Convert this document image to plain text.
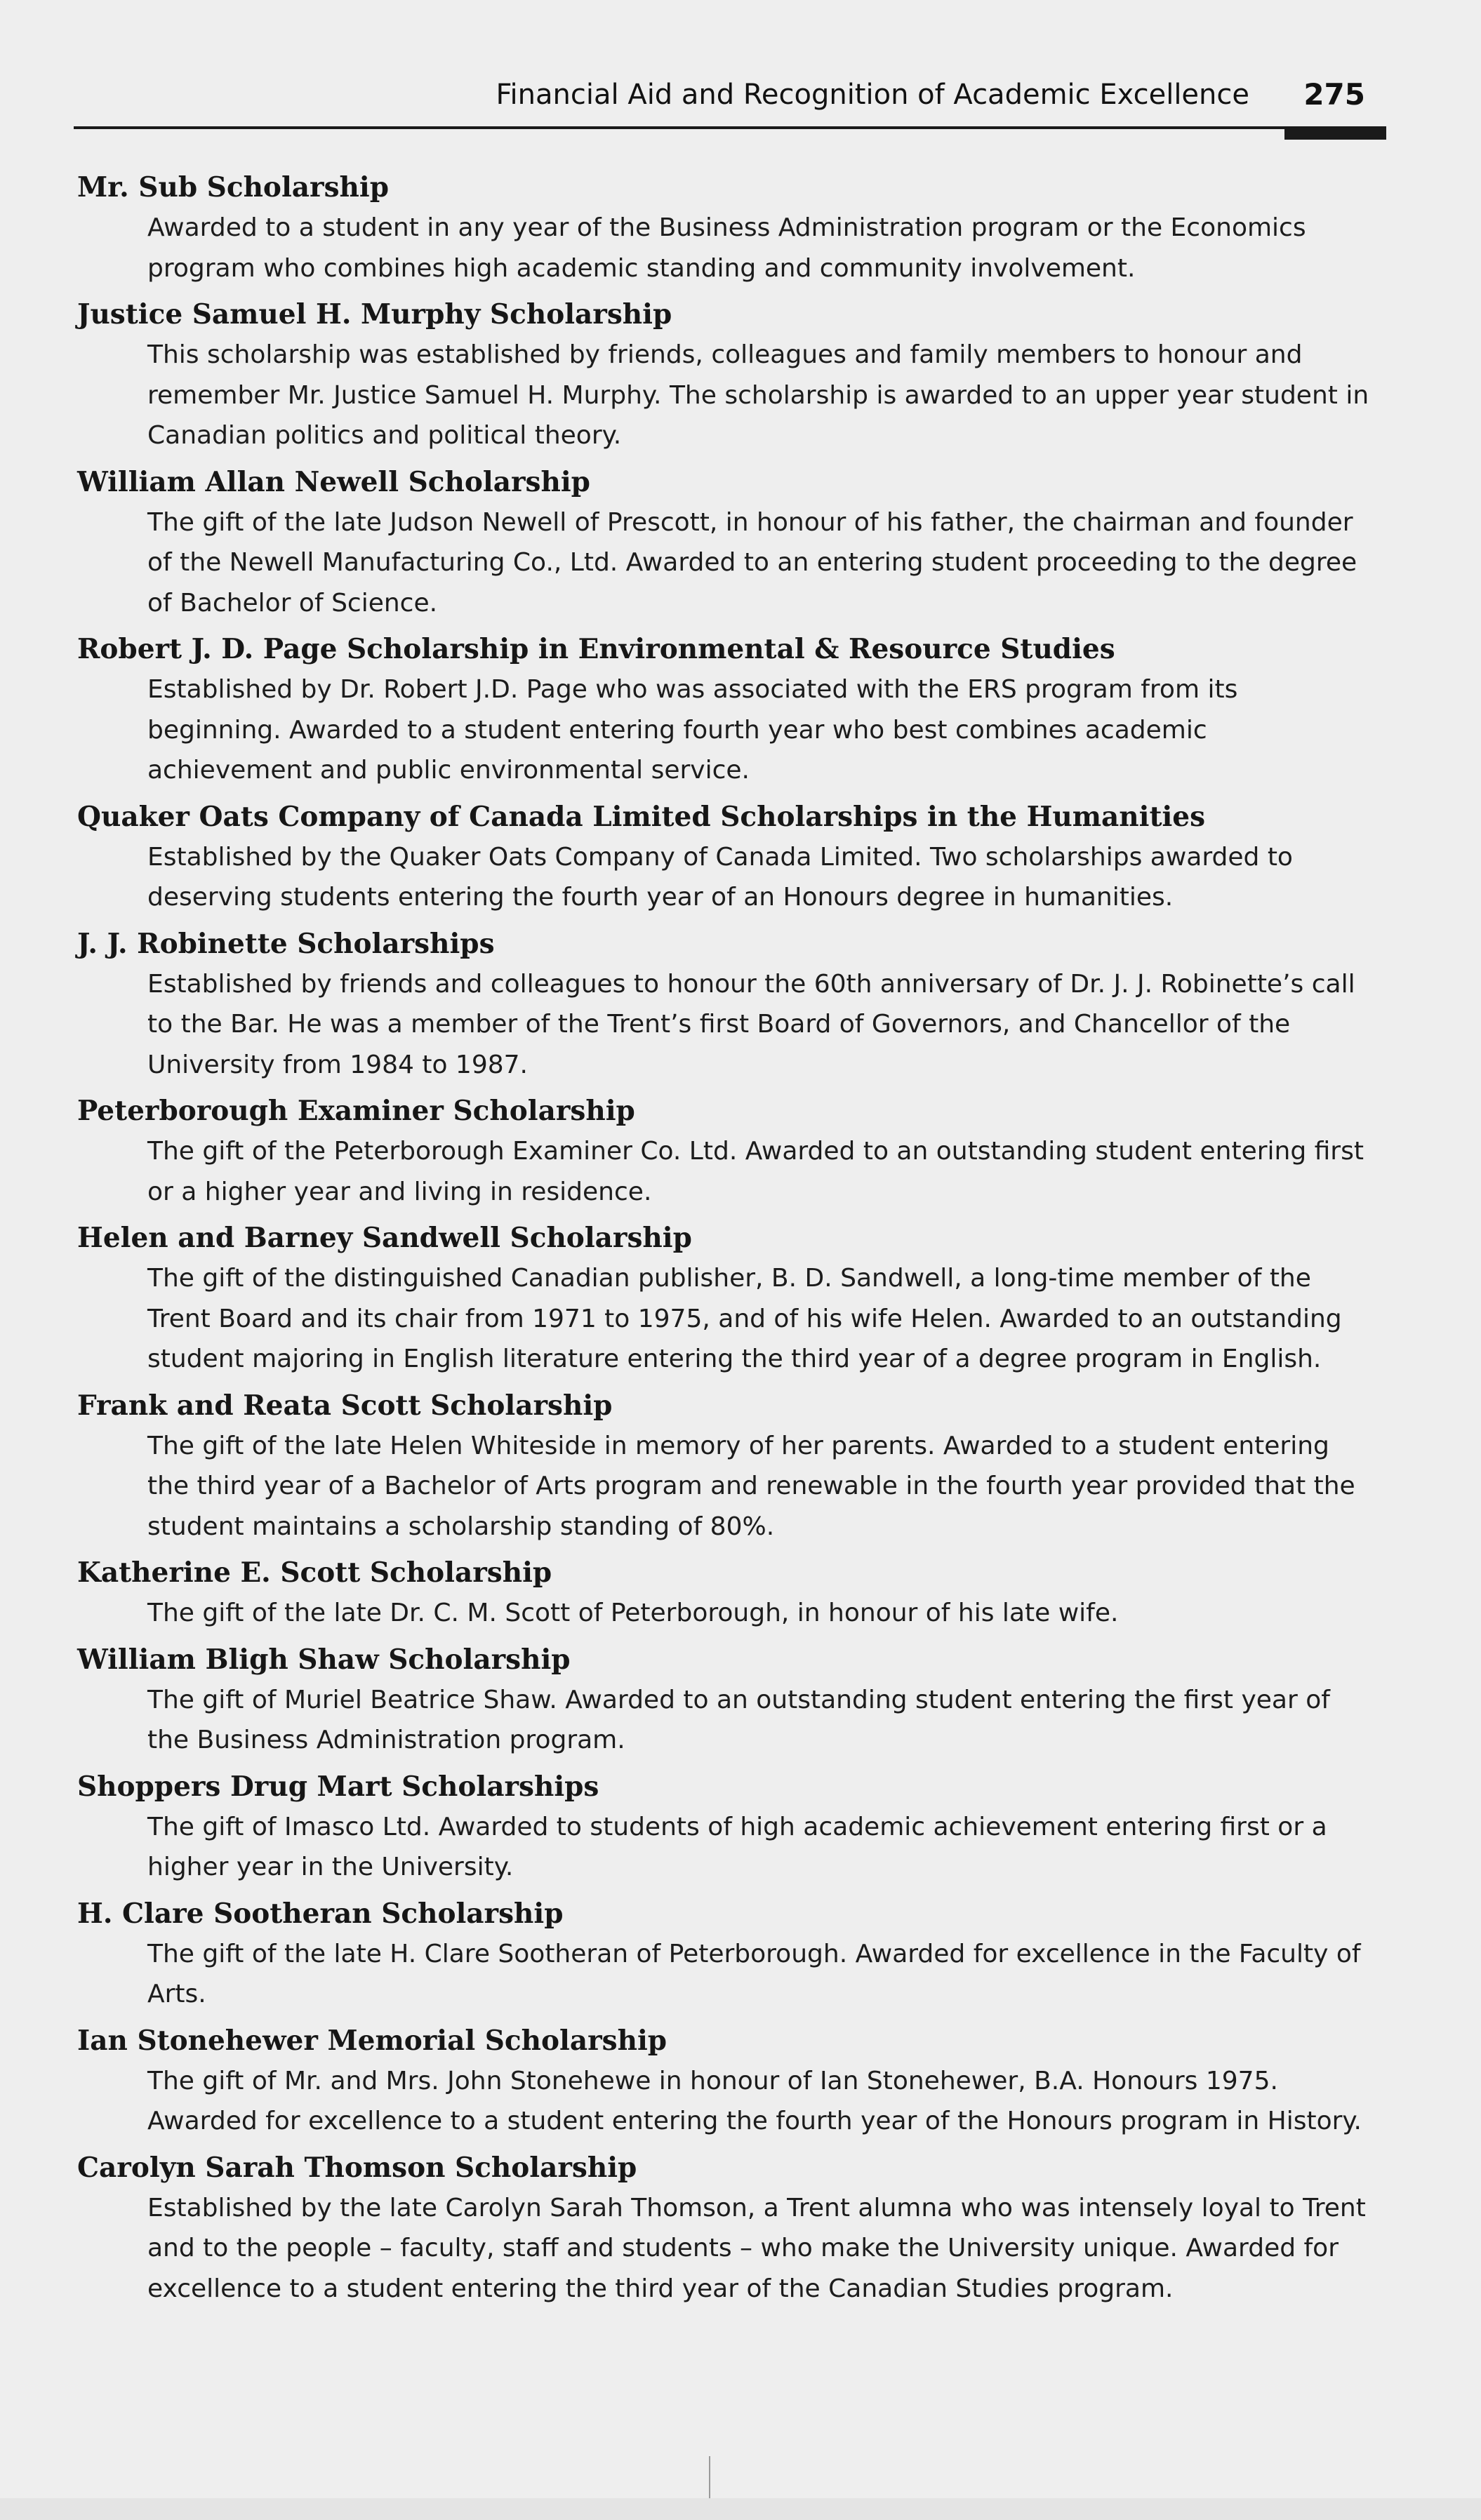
Financial Aid and Recognition of Academic Excellence 275
Mr. Sub Scholarship
Awarded to a student in any year of the Business Administration program or the Economics program who combines high academic standing and community involvement.
Justice Samuel H. Murphy Scholarship
This scholarship was established by friends, colleagues and family members to honour and remember Mr. Justice Samuel H. Murphy. The scholarship is awarded to an upper year student in Canadian politics and political theory.
William Allan Newell Scholarship
The gift of the late Judson Newell of Prescott, in honour of his father, the chairman and founder of the Newell Manufacturing Co., Ltd. Awarded to an entering student proceeding to the degree of Bachelor of Science.
Robert J. D. Page Scholarship in Environmental & Resource Studies
Established by Dr. Robert J.D. Page who was associated with the ERS program from its beginning. Awarded to a student entering fourth year who best combines academic achievement and public environmental service.
Quaker Oats Company of Canada Limited Scholarships in the Humanities
Established by the Quaker Oats Company of Canada Limited. Two scholarships awarded to deserving students entering the fourth year of an Honours degree in humanities.
J. J. Robinette Scholarships
Established by friends and colleagues to honour the 60th anniversary of Dr. J. J. Robinette’s call to the Bar. He was a member of the Trent’s first Board of Governors, and Chancellor of the University from 1984 to 1987.
Peterborough Examiner Scholarship
The gift of the Peterborough Examiner Co. Ltd. Awarded to an outstanding student entering first or a higher year and living in residence.
Helen and Barney Sandwell Scholarship
The gift of the distinguished Canadian publisher, B. D. Sandwell, a long-time member of the Trent Board and its chair from 1971 to 1975, and of his wife Helen. Awarded to an outstanding student majoring in English literature entering the third year of a degree program in English.
Frank and Reata Scott Scholarship
The gift of the late Helen Whiteside in memory of her parents. Awarded to a student entering the third year of a Bachelor of Arts program and renewable in the fourth year provided that the student maintains a scholarship standing of 80%.
Katherine E. Scott Scholarship
The gift of the late Dr. C. M. Scott of Peterborough, in honour of his late wife.
William Bligh Shaw Scholarship
The gift of Muriel Beatrice Shaw. Awarded to an outstanding student entering the first year of the Business Administration program.
Shoppers Drug Mart Scholarships
The gift of Imasco Ltd. Awarded to students of high academic achievement entering first or a higher year in the University.
H. Clare Sootheran Scholarship
The gift of the late H. Clare Sootheran of Peterborough. Awarded for excellence in the Faculty of Arts.
Ian Stonehewer Memorial Scholarship
The gift of Mr. and Mrs. John Stonehewe in honour of Ian Stonehewer, B.A. Honours 1975. Awarded for excellence to a student entering the fourth year of the Honours program in History.
Carolyn Sarah Thomson Scholarship
Established by the late Carolyn Sarah Thomson, a Trent alumna who was intensely loyal to Trent and to the people – faculty, staff and students – who make the University unique. Awarded for excellence to a student entering the third year of the Canadian Studies program.
